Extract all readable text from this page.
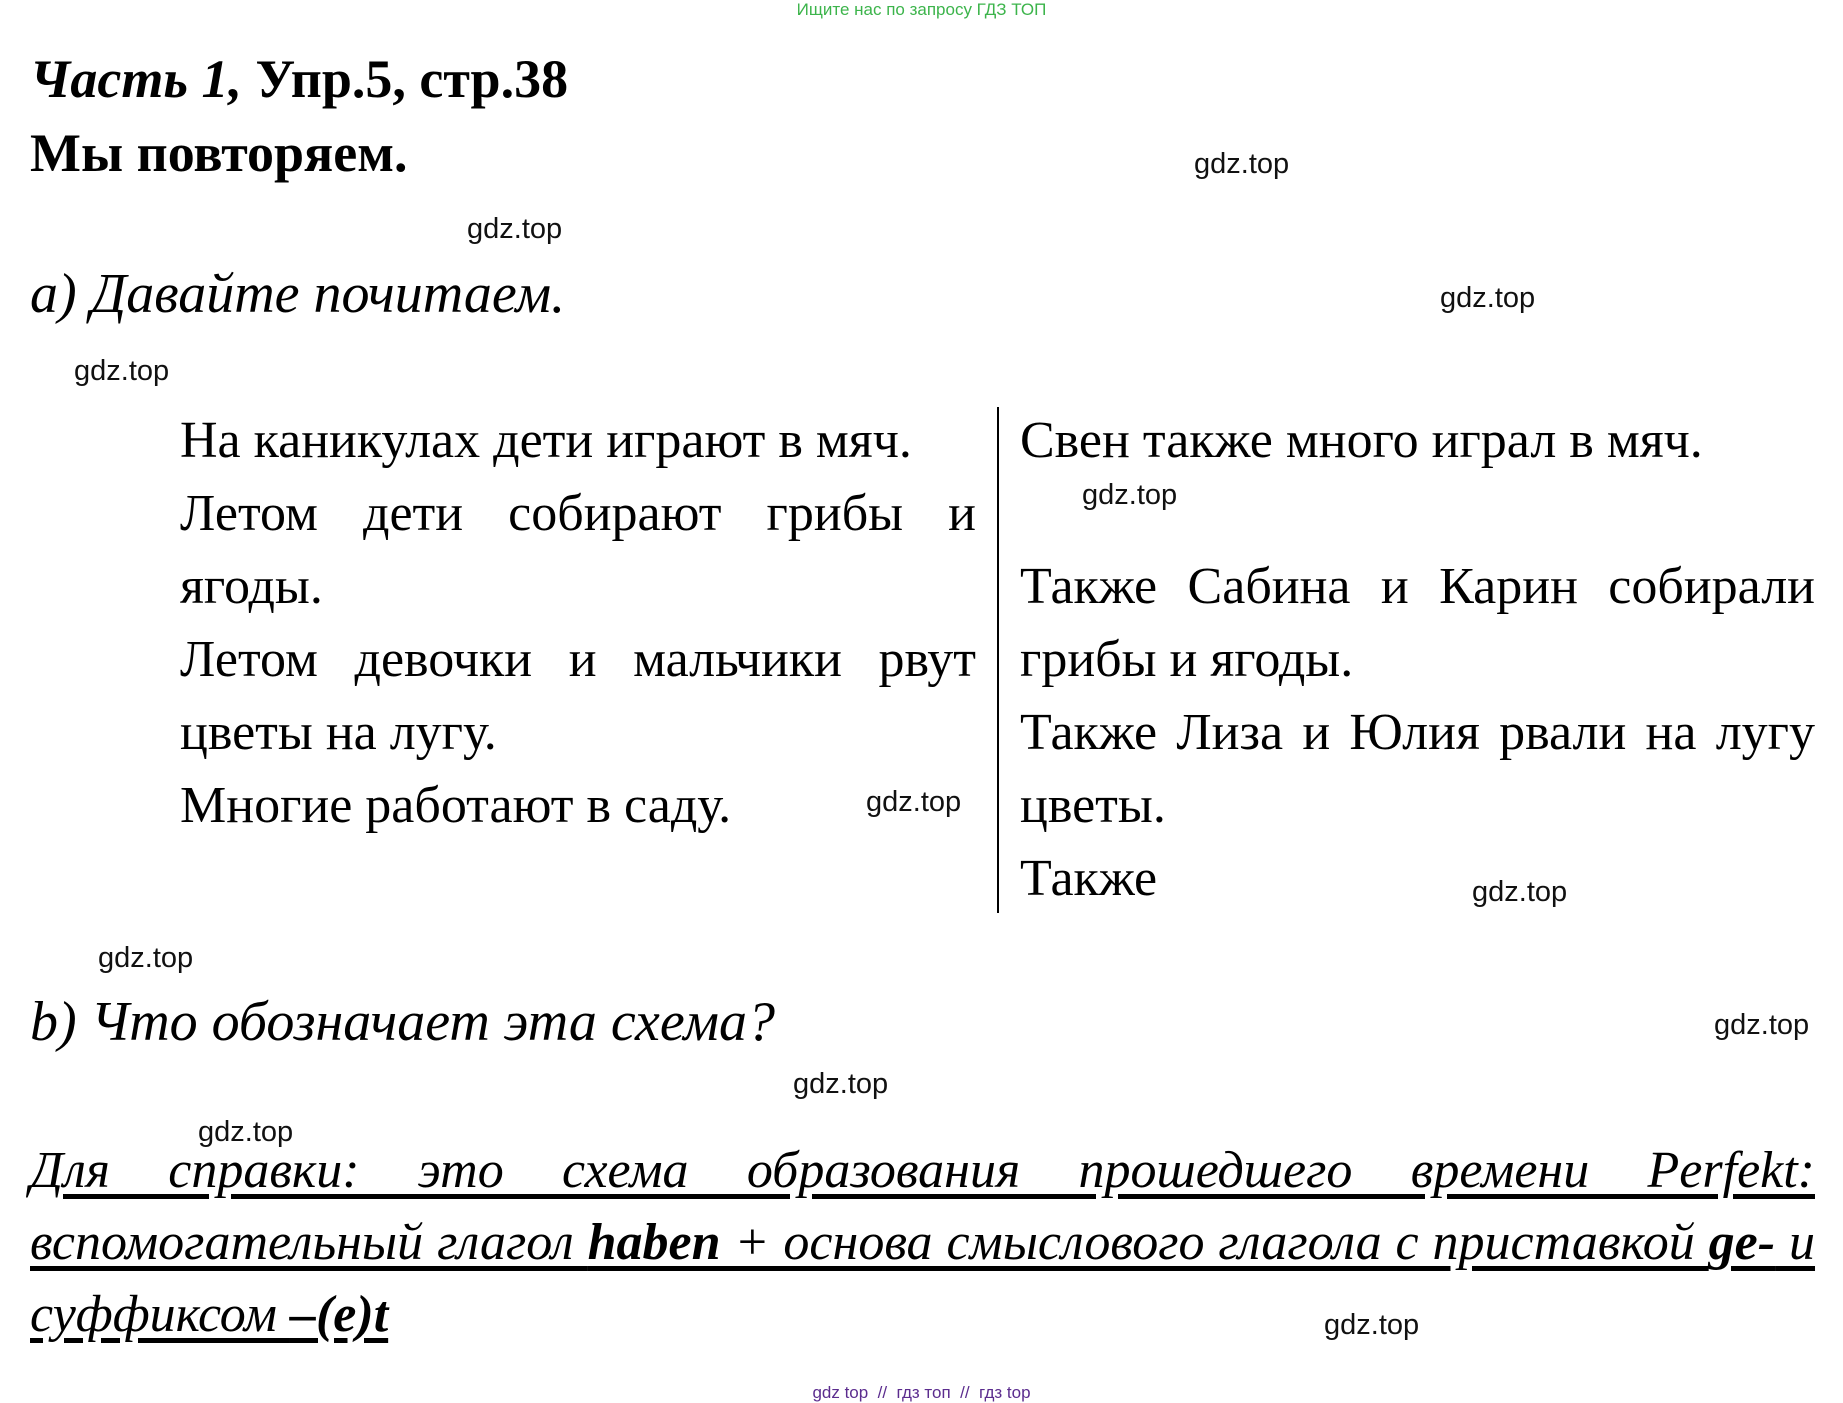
Ищите нас по запросу ГДЗ ТОП
Часть 1, Упр.5, стр.38
Мы повторяем.
a) Давайте почитаем.

На каникулах дети играют в мяч.

Летом дети собирают грибы и ягоды.

Летом девочки и мальчики рвут цветы на лугу.

Многие работают в саду.

Свен также много играл в мяч.

Также Сабина и Карин собирали грибы и ягоды.

Также Лиза и Юлия рвали на лугу цветы.

Также

b) Что обозначает эта схема?
Для справки: это схема образования прошедшего времени Perfekt: вспомогательный глагол haben + основа смыслового глагола с приставкой ge- и суффиксом –(e)t
gdz.top
gdz.top
gdz.top
gdz.top
gdz.top
gdz.top
gdz.top
gdz.top
gdz.top
gdz.top
gdz.top
gdz.top
gdz top  //  гдз топ  //  гдз top
